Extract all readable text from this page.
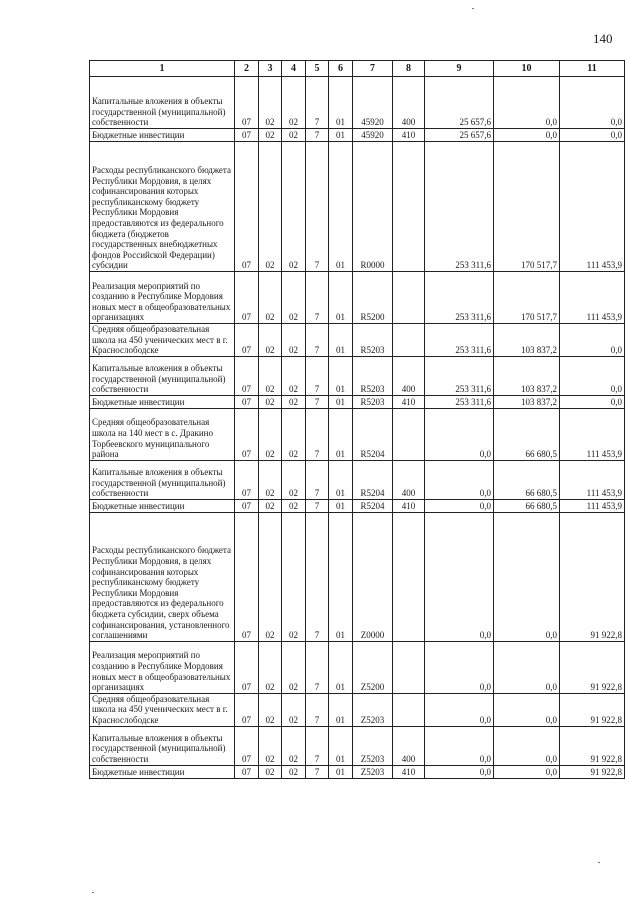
140
1	2	3	4	5	6	7	8	9	10	11
Капитальные вложения в объекты государственной (муниципальной) собственности	07	02	02	7	01	45920	400	25 657,6	0,0	0,0
Бюджетные инвестиции	07	02	02	7	01	45920	410	25 657,6	0,0	0,0
Расходы республиканского бюджета Республики Мордовия, в целях софинансирования которых республиканскому бюджету Республики Мордовия предоставляются из федерального бюджета (бюджетов государственных внебюджетных фондов Российской Федерации) субсидии	07	02	02	7	01	R0000		253 311,6	170 517,7	111 453,9
Реализация мероприятий по созданию в Республике Мордовия новых мест в общеобразовательных организациях	07	02	02	7	01	R5200		253 311,6	170 517,7	111 453,9
Средняя общеобразовательная школа на 450 ученических мест в г. Краснослободске	07	02	02	7	01	R5203		253 311,6	103 837,2	0,0
Капитальные вложения в объекты государственной (муниципальной) собственности	07	02	02	7	01	R5203	400	253 311,6	103 837,2	0,0
Бюджетные инвестиции	07	02	02	7	01	R5203	410	253 311,6	103 837,2	0,0
Средняя общеобразовательная школа на 140 мест в с. Дракино Торбеевского муниципального района	07	02	02	7	01	R5204		0,0	66 680,5	111 453,9
Капитальные вложения в объекты государственной (муниципальной) собственности	07	02	02	7	01	R5204	400	0,0	66 680,5	111 453,9
Бюджетные инвестиции	07	02	02	7	01	R5204	410	0,0	66 680,5	111 453,9
Расходы республиканского бюджета Республики Мордовия, в целях софинансирования которых республиканскому бюджету Республики Мордовия предоставляются из федерального бюджета субсидии, сверх объема софинансирования, установленного соглашениями	07	02	02	7	01	Z0000		0,0	0,0	91 922,8
Реализация мероприятий по созданию в Республике Мордовия новых мест в общеобразовательных организациях	07	02	02	7	01	Z5200		0,0	0,0	91 922,8
Средняя общеобразовательная школа на 450 ученических мест в г. Краснослободске	07	02	02	7	01	Z5203		0,0	0,0	91 922,8
Капитальные вложения в объекты государственной (муниципальной) собственности	07	02	02	7	01	Z5203	400	0,0	0,0	91 922,8
Бюджетные инвестиции	07	02	02	7	01	Z5203	410	0,0	0,0	91 922,8
